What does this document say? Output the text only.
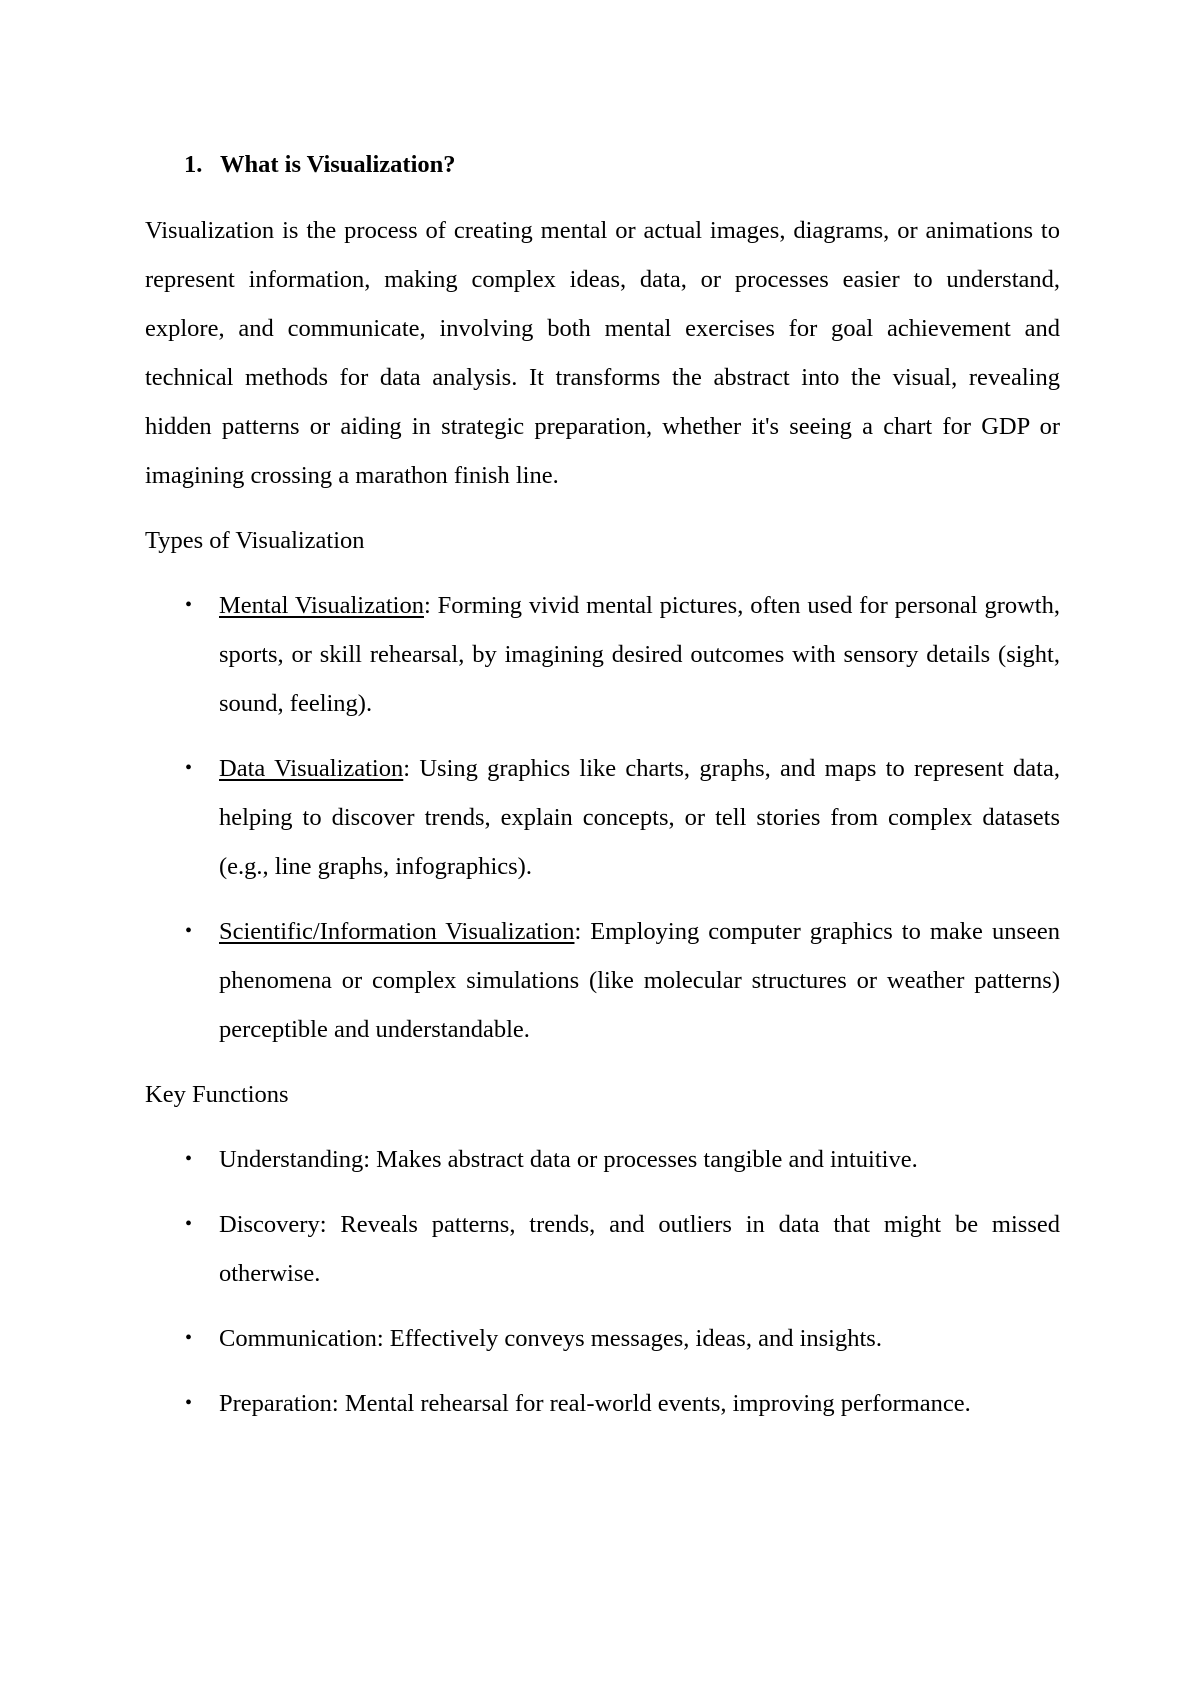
1. What is Visualization?

Visualization is the process of creating mental or actual images, diagrams, or animations to represent information, making complex ideas, data, or processes easier to understand, explore, and communicate, involving both mental exercises for goal achievement and technical methods for data analysis. It transforms the abstract into the visual, revealing hidden patterns or aiding in strategic preparation, whether it's seeing a chart for GDP or imagining crossing a marathon finish line.

Types of Visualization

• Mental Visualization: Forming vivid mental pictures, often used for personal growth, sports, or skill rehearsal, by imagining desired outcomes with sensory details (sight, sound, feeling).
• Data Visualization: Using graphics like charts, graphs, and maps to represent data, helping to discover trends, explain concepts, or tell stories from complex datasets (e.g., line graphs, infographics).
• Scientific/Information Visualization: Employing computer graphics to make unseen phenomena or complex simulations (like molecular structures or weather patterns) perceptible and understandable.

Key Functions

• Understanding: Makes abstract data or processes tangible and intuitive.
• Discovery: Reveals patterns, trends, and outliers in data that might be missed otherwise.
• Communication: Effectively conveys messages, ideas, and insights.
• Preparation: Mental rehearsal for real-world events, improving performance.
